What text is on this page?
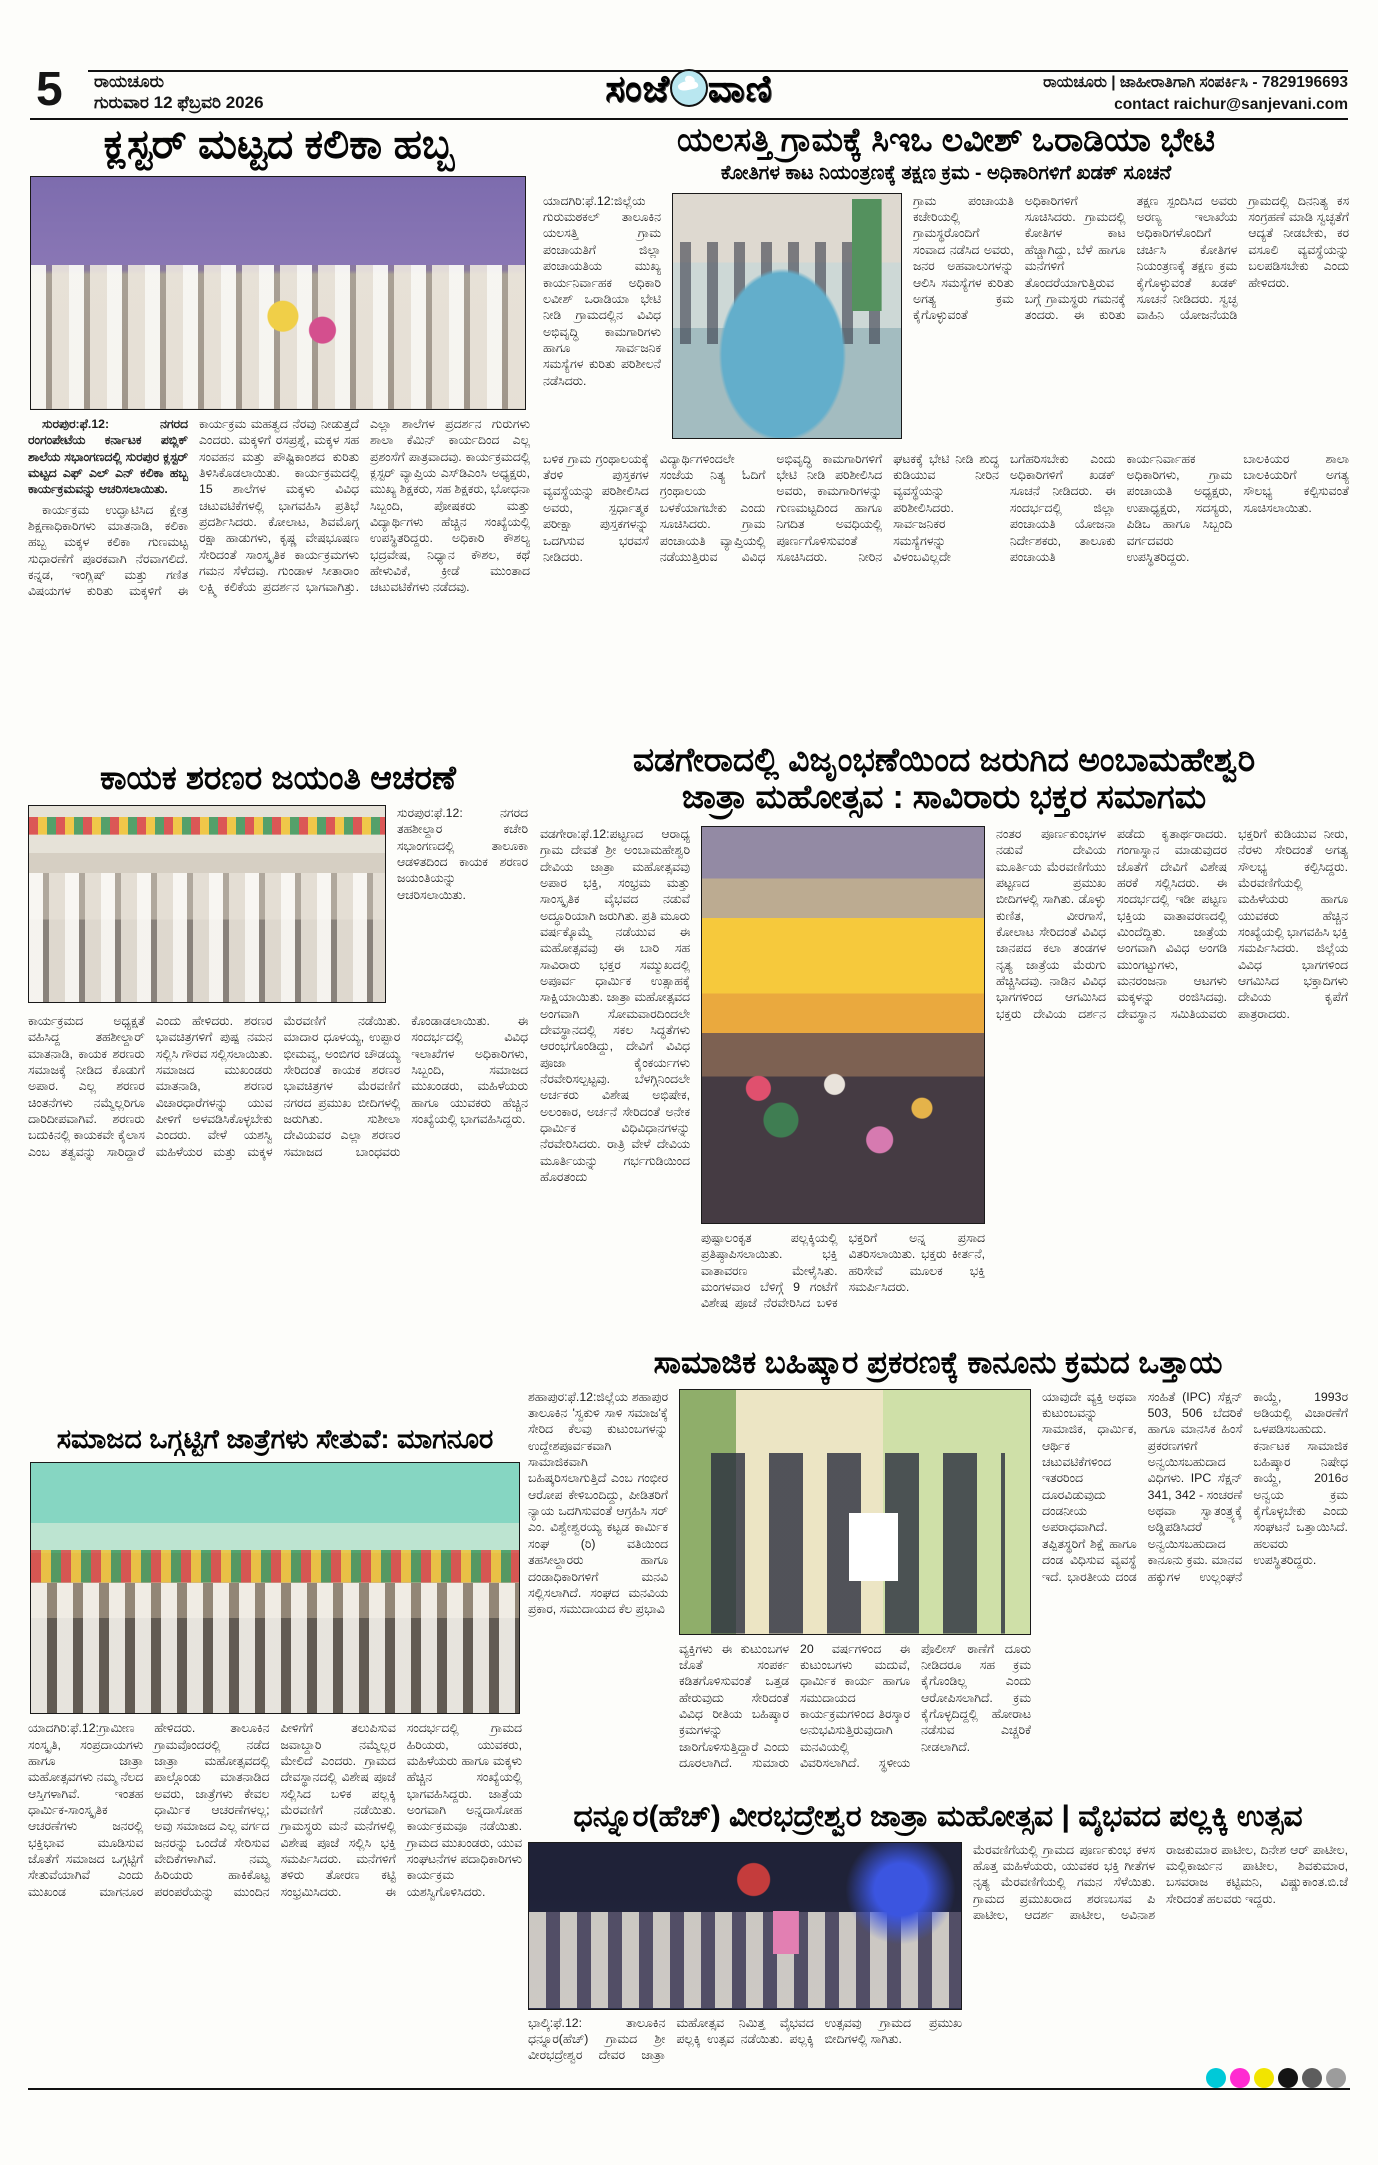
5 ರಾಯಚೂರು
ಗುರುವಾರ 12 ಫೆಬ್ರವರಿ 2026	ಸಂಜೆ ವಾಣಿ	ರಾಯಚೂರು | ಜಾಹೀರಾತಿಗಾಗಿ ಸಂಪರ್ಕಿಸಿ - 7829196693
contact raichur@sanjevani.com
ಕ್ಲಸ್ಟರ್ ಮಟ್ಟದ ಕಲಿಕಾ ಹಬ್ಬ

ಸುರಪುರ:ಫೆ.12: ನಗರದ ರಂಗಂಪೇಟೆಯ ಕರ್ನಾಟಕ ಪಬ್ಲಿಕ್ ಶಾಲೆಯ ಸಭಾಂಗಣದಲ್ಲಿ ಸುರಪುರ ಕ್ಲಸ್ಟರ್ ಮಟ್ಟದ ಎಫ್ ಎಲ್ ಎನ್ ಕಲಿಕಾ ಹಬ್ಬ ಕಾರ್ಯಕ್ರಮವನ್ನು ಆಚರಿಸಲಾಯಿತು.

ಕಾರ್ಯಕ್ರಮ ಉದ್ಘಾಟಿಸಿದ ಕ್ಷೇತ್ರ ಶಿಕ್ಷಣಾಧಿಕಾರಿಗಳು ಮಾತನಾಡಿ, ಕಲಿಕಾ ಹಬ್ಬ ಮಕ್ಕಳ ಕಲಿಕಾ ಗುಣಮಟ್ಟ ಸುಧಾರಣೆಗೆ ಪೂರಕವಾಗಿ ನೆರವಾಗಲಿದೆ. ಕನ್ನಡ, ಇಂಗ್ಲಿಷ್ ಮತ್ತು ಗಣಿತ ವಿಷಯಗಳ ಕುರಿತು ಮಕ್ಕಳಿಗೆ ಈ ಕಾರ್ಯಕ್ರಮ ಮಹತ್ವದ ನೆರವು ನೀಡುತ್ತದೆ ಎಂದರು. ಮಕ್ಕಳಿಗೆ ರಸಪ್ರಶ್ನೆ, ಮಕ್ಕಳ ಸಹ ಸಂವಹನ ಮತ್ತು ಪೌಷ್ಟಿಕಾಂಶದ ಕುರಿತು ತಿಳಿಸಿಕೊಡಲಾಯಿತು. ಕಾರ್ಯಕ್ರಮದಲ್ಲಿ 15 ಶಾಲೆಗಳ ಮಕ್ಕಳು ವಿವಿಧ ಚಟುವಟಿಕೆಗಳಲ್ಲಿ ಭಾಗವಹಿಸಿ ಪ್ರತಿಭೆ ಪ್ರದರ್ಶಿಸಿದರು. ಕೋಲಾಟ, ಶಿವಮೊಗ್ಗ ರಕ್ಷಾ ಹಾಡುಗಳು, ಕೃಷ್ಣ ವೇಷಭೂಷಣ ಸೇರಿದಂತೆ ಸಾಂಸ್ಕೃತಿಕ ಕಾರ್ಯಕ್ರಮಗಳು ಗಮನ ಸೆಳೆದವು. ಗುಂಡಾಳ ಸೀತಾರಾಂ ಲಕ್ಷ್ಮಿ ಕಲಿಕೆಯ ಪ್ರದರ್ಶನ ಭಾಗವಾಗಿತ್ತು. ಎಲ್ಲಾ ಶಾಲೆಗಳ ಪ್ರದರ್ಶನ ಗುರುಗಳು ಶಾಲಾ ಕೆಮಿನ್ ಕಾರ್ಯದಿಂದ ಎಲ್ಲ ಪ್ರಶಂಸೆಗೆ ಪಾತ್ರವಾದವು. ಕಾರ್ಯಕ್ರಮದಲ್ಲಿ ಕ್ಲಸ್ಟರ್ ವ್ಯಾಪ್ತಿಯ ಎಸ್‌ಡಿಎಂಸಿ ಅಧ್ಯಕ್ಷರು, ಮುಖ್ಯ ಶಿಕ್ಷಕರು, ಸಹ ಶಿಕ್ಷಕರು, ಭೋಧನಾ ಸಿಬ್ಬಂದಿ, ಪೋಷಕರು ಮತ್ತು ವಿದ್ಯಾರ್ಥಿಗಳು ಹೆಚ್ಚಿನ ಸಂಖ್ಯೆಯಲ್ಲಿ ಉಪಸ್ಥಿತರಿದ್ದರು. ಅಧಿಕಾರಿ ಕೌಶಲ್ಯ ಭದ್ರವೇಷ, ನಿಧ್ಯಾನ ಕೌಶಲ, ಕಥೆ ಹೇಳುವಿಕೆ, ಕ್ರೀಡೆ ಮುಂತಾದ ಚಟುವಟಿಕೆಗಳು ನಡೆದವು.

ಯಲಸತ್ತಿ ಗ್ರಾಮಕ್ಕೆ ಸಿಇಒ ಲವೀಶ್ ಒರಾಡಿಯಾ ಭೇಟಿ
ಕೋತಿಗಳ ಕಾಟ ನಿಯಂತ್ರಣಕ್ಕೆ ತಕ್ಷಣ ಕ್ರಮ - ಅಧಿಕಾರಿಗಳಿಗೆ ಖಡಕ್ ಸೂಚನೆ
ಯಾದಗಿರಿ:ಫೆ.12:ಜಿಲ್ಲೆಯ ಗುರುಮಠಕಲ್ ತಾಲೂಕಿನ ಯಲಸತ್ತಿ ಗ್ರಾಮ ಪಂಚಾಯತಿಗೆ ಜಿಲ್ಲಾ ಪಂಚಾಯತಿಯ ಮುಖ್ಯ ಕಾರ್ಯನಿರ್ವಾಹಕ ಅಧಿಕಾರಿ ಲವೀಶ್ ಒರಾಡಿಯಾ ಭೇಟಿ ನೀಡಿ ಗ್ರಾಮದಲ್ಲಿನ ವಿವಿಧ ಅಭಿವೃದ್ಧಿ ಕಾಮಗಾರಿಗಳು ಹಾಗೂ ಸಾರ್ವಜನಿಕ ಸಮಸ್ಯೆಗಳ ಕುರಿತು ಪರಿಶೀಲನೆ ನಡೆಸಿದರು.
ಗ್ರಾಮ ಪಂಚಾಯತಿ ಕಚೇರಿಯಲ್ಲಿ ಗ್ರಾಮಸ್ಥರೊಂದಿಗೆ ಸಂವಾದ ನಡೆಸಿದ ಅವರು, ಜನರ ಅಹವಾಲುಗಳನ್ನು ಆಲಿಸಿ ಸಮಸ್ಯೆಗಳ ಕುರಿತು ಅಗತ್ಯ ಕ್ರಮ ಕೈಗೊಳ್ಳುವಂತೆ ಅಧಿಕಾರಿಗಳಿಗೆ ಸೂಚಿಸಿದರು. ಗ್ರಾಮದಲ್ಲಿ ಕೋತಿಗಳ ಕಾಟ ಹೆಚ್ಚಾಗಿದ್ದು, ಬೆಳೆ ಹಾಗೂ ಮನೆಗಳಿಗೆ ತೊಂದರೆಯಾಗುತ್ತಿರುವ ಬಗ್ಗೆ ಗ್ರಾಮಸ್ಥರು ಗಮನಕ್ಕೆ ತಂದರು. ಈ ಕುರಿತು ತಕ್ಷಣ ಸ್ಪಂದಿಸಿದ ಅವರು ಅರಣ್ಯ ಇಲಾಖೆಯ ಅಧಿಕಾರಿಗಳೊಂದಿಗೆ ಚರ್ಚಿಸಿ ಕೋತಿಗಳ ನಿಯಂತ್ರಣಕ್ಕೆ ತಕ್ಷಣ ಕ್ರಮ ಕೈಗೊಳ್ಳುವಂತೆ ಖಡಕ್ ಸೂಚನೆ ನೀಡಿದರು. ಸ್ವಚ್ಛ ವಾಹಿನಿ ಯೋಜನೆಯಡಿ ಗ್ರಾಮದಲ್ಲಿ ದಿನನಿತ್ಯ ಕಸ ಸಂಗ್ರಹಣೆ ಮಾಡಿ ಸ್ವಚ್ಛತೆಗೆ ಆದ್ಯತೆ ನೀಡಬೇಕು, ಕರ ವಸೂಲಿ ವ್ಯವಸ್ಥೆಯನ್ನು ಬಲಪಡಿಸಬೇಕು ಎಂದು ಹೇಳಿದರು.
ಬಳಿಕ ಗ್ರಾಮ ಗ್ರಂಥಾಲಯಕ್ಕೆ ತೆರಳಿ ಪುಸ್ತಕಗಳ ವ್ಯವಸ್ಥೆಯನ್ನು ಪರಿಶೀಲಿಸಿದ ಅವರು, ಸ್ಪರ್ಧಾತ್ಮಕ ಪರೀಕ್ಷಾ ಪುಸ್ತಕಗಳನ್ನು ಒದಗಿಸುವ ಭರವಸೆ ನೀಡಿದರು. ವಿದ್ಯಾರ್ಥಿಗಳಿಂದಲೇ ಸಂಜೆಯ ನಿತ್ಯ ಓದಿಗೆ ಗ್ರಂಥಾಲಯ ಬಳಕೆಯಾಗಬೇಕು ಎಂದು ಸೂಚಿಸಿದರು. ಗ್ರಾಮ ಪಂಚಾಯತಿ ವ್ಯಾಪ್ತಿಯಲ್ಲಿ ನಡೆಯುತ್ತಿರುವ ವಿವಿಧ ಅಭಿವೃದ್ಧಿ ಕಾಮಗಾರಿಗಳಿಗೆ ಭೇಟಿ ನೀಡಿ ಪರಿಶೀಲಿಸಿದ ಅವರು, ಕಾಮಗಾರಿಗಳನ್ನು ಗುಣಮಟ್ಟದಿಂದ ಹಾಗೂ ನಿಗದಿತ ಅವಧಿಯಲ್ಲಿ ಪೂರ್ಣಗೊಳಿಸುವಂತೆ ಸೂಚಿಸಿದರು. ನೀರಿನ ಘಟಕಕ್ಕೆ ಭೇಟಿ ನೀಡಿ ಶುದ್ಧ ಕುಡಿಯುವ ನೀರಿನ ವ್ಯವಸ್ಥೆಯನ್ನು ಪರಿಶೀಲಿಸಿದರು. ಸಾರ್ವಜನಿಕರ ಸಮಸ್ಯೆಗಳನ್ನು ವಿಳಂಬವಿಲ್ಲದೇ ಬಗೆಹರಿಸಬೇಕು ಎಂದು ಅಧಿಕಾರಿಗಳಿಗೆ ಖಡಕ್ ಸೂಚನೆ ನೀಡಿದರು. ಈ ಸಂದರ್ಭದಲ್ಲಿ ಜಿಲ್ಲಾ ಪಂಚಾಯತಿ ಯೋಜನಾ ನಿರ್ದೇಶಕರು, ತಾಲೂಕು ಪಂಚಾಯತಿ ಕಾರ್ಯನಿರ್ವಾಹಕ ಅಧಿಕಾರಿಗಳು, ಗ್ರಾಮ ಪಂಚಾಯತಿ ಅಧ್ಯಕ್ಷರು, ಉಪಾಧ್ಯಕ್ಷರು, ಸದಸ್ಯರು, ಪಿಡಿಒ ಹಾಗೂ ಸಿಬ್ಬಂದಿ ವರ್ಗದವರು ಉಪಸ್ಥಿತರಿದ್ದರು. ಬಾಲಕಿಯರ ಶಾಲಾ ಬಾಲಕಿಯರಿಗೆ ಅಗತ್ಯ ಸೌಲಭ್ಯ ಕಲ್ಪಿಸುವಂತೆ ಸೂಚಿಸಲಾಯಿತು.
ಕಾಯಕ ಶರಣರ ಜಯಂತಿ ಆಚರಣೆ
ಸುರಪುರ:ಫೆ.12: ನಗರದ ತಹಶೀಲ್ದಾರ ಕಚೇರಿ ಸಭಾಂಗಣದಲ್ಲಿ ತಾಲೂಕಾ ಆಡಳಿತದಿಂದ ಕಾಯಕ ಶರಣರ ಜಯಂತಿಯನ್ನು ಆಚರಿಸಲಾಯಿತು.
ಕಾರ್ಯಕ್ರಮದ ಅಧ್ಯಕ್ಷತೆ ವಹಿಸಿದ್ದ ತಹಶೀಲ್ದಾರ್ ಮಾತನಾಡಿ, ಕಾಯಕ ಶರಣರು ಸಮಾಜಕ್ಕೆ ನೀಡಿದ ಕೊಡುಗೆ ಅಪಾರ. ಎಲ್ಲ ಶರಣರ ಚಿಂತನೆಗಳು ನಮ್ಮೆಲ್ಲರಿಗೂ ದಾರಿದೀಪವಾಗಿವೆ. ಶರಣರು ಬದುಕಿನಲ್ಲಿ ಕಾಯಕವೇ ಕೈಲಾಸ ಎಂಬ ತತ್ವವನ್ನು ಸಾರಿದ್ದಾರೆ ಎಂದು ಹೇಳಿದರು. ಶರಣರ ಭಾವಚಿತ್ರಗಳಿಗೆ ಪುಷ್ಪ ನಮನ ಸಲ್ಲಿಸಿ ಗೌರವ ಸಲ್ಲಿಸಲಾಯಿತು. ಸಮಾಜದ ಮುಖಂಡರು ಮಾತನಾಡಿ, ಶರಣರ ವಿಚಾರಧಾರೆಗಳನ್ನು ಯುವ ಪೀಳಿಗೆ ಅಳವಡಿಸಿಕೊಳ್ಳಬೇಕು ಎಂದರು. ವೇಳೆ ಯಶಸ್ವಿ ಮಹಿಳೆಯರ ಮತ್ತು ಮಕ್ಕಳ ಮೆರವಣಿಗೆ ನಡೆಯಿತು. ಮಾದಾರ ಧೂಳಯ್ಯ, ಉಪ್ಪಾರ ಭೀಮವ್ವ, ಅಂಬಿಗರ ಚೌಡಯ್ಯ ಸೇರಿದಂತೆ ಕಾಯಕ ಶರಣರ ಭಾವಚಿತ್ರಗಳ ಮೆರವಣಿಗೆ ನಗರದ ಪ್ರಮುಖ ಬೀದಿಗಳಲ್ಲಿ ಜರುಗಿತು. ಸುಶೀಲಾ ದೇವಿಯವರ ಎಲ್ಲಾ ಶರಣರ ಸಮಾಜದ ಬಾಂಧವರು ಕೊಂಡಾಡಲಾಯಿತು. ಈ ಸಂದರ್ಭದಲ್ಲಿ ವಿವಿಧ ಇಲಾಖೆಗಳ ಅಧಿಕಾರಿಗಳು, ಸಿಬ್ಬಂದಿ, ಸಮಾಜದ ಮುಖಂಡರು, ಮಹಿಳೆಯರು ಹಾಗೂ ಯುವಕರು ಹೆಚ್ಚಿನ ಸಂಖ್ಯೆಯಲ್ಲಿ ಭಾಗವಹಿಸಿದ್ದರು.
ವಡಗೇರಾದಲ್ಲಿ ವಿಜೃಂಭಣೆಯಿಂದ ಜರುಗಿದ ಅಂಬಾಮಹೇಶ್ವರಿ
ಜಾತ್ರಾ ಮಹೋತ್ಸವ : ಸಾವಿರಾರು ಭಕ್ತರ ಸಮಾಗಮ
ವಡಗೇರಾ:ಫೆ.12:ಪಟ್ಟಣದ ಆರಾಧ್ಯ ಗ್ರಾಮ ದೇವತೆ ಶ್ರೀ ಅಂಬಾಮಹೇಶ್ವರಿ ದೇವಿಯ ಜಾತ್ರಾ ಮಹೋತ್ಸವವು ಅಪಾರ ಭಕ್ತಿ, ಸಂಭ್ರಮ ಮತ್ತು ಸಾಂಸ್ಕೃತಿಕ ವೈಭವದ ನಡುವೆ ಅದ್ಧೂರಿಯಾಗಿ ಜರುಗಿತು. ಪ್ರತಿ ಮೂರು ವರ್ಷಕ್ಕೊಮ್ಮೆ ನಡೆಯುವ ಈ ಮಹೋತ್ಸವವು ಈ ಬಾರಿ ಸಹ ಸಾವಿರಾರು ಭಕ್ತರ ಸಮ್ಮುಖದಲ್ಲಿ ಅಪೂರ್ವ ಧಾರ್ಮಿಕ ಉತ್ಸಾಹಕ್ಕೆ ಸಾಕ್ಷಿಯಾಯಿತು. ಜಾತ್ರಾ ಮಹೋತ್ಸವದ ಅಂಗವಾಗಿ ಸೋಮವಾರದಿಂದಲೇ ದೇವಸ್ಥಾನದಲ್ಲಿ ಸಕಲ ಸಿದ್ಧತೆಗಳು ಆರಂಭಗೊಂಡಿದ್ದು, ದೇವಿಗೆ ವಿವಿಧ ಪೂಜಾ ಕೈಂಕರ್ಯಗಳು ನೆರವೇರಿಸಲ್ಪಟ್ಟವು. ಬೆಳಗ್ಗಿನಿಂದಲೇ ಅರ್ಚಕರು ವಿಶೇಷ ಅಭಿಷೇಕ, ಅಲಂಕಾರ, ಅರ್ಚನೆ ಸೇರಿದಂತೆ ಅನೇಕ ಧಾರ್ಮಿಕ ವಿಧಿವಿಧಾನಗಳನ್ನು ನೆರವೇರಿಸಿದರು. ರಾತ್ರಿ ವೇಳೆ ದೇವಿಯ ಮೂರ್ತಿಯನ್ನು ಗರ್ಭಗುಡಿಯಿಂದ ಹೊರತಂದು
ಪುಷ್ಪಾಲಂಕೃತ ಪಲ್ಲಕ್ಕಿಯಲ್ಲಿ ಪ್ರತಿಷ್ಠಾಪಿಸಲಾಯಿತು. ಭಕ್ತಿ ವಾತಾವರಣ ಮೇಳೈಸಿತು. ಮಂಗಳವಾರ ಬೆಳಿಗ್ಗೆ 9 ಗಂಟೆಗೆ ವಿಶೇಷ ಪೂಜೆ ನೆರವೇರಿಸಿದ ಬಳಿಕ ಭಕ್ತರಿಗೆ ಅನ್ನ ಪ್ರಸಾದ ವಿತರಿಸಲಾಯಿತು. ಭಕ್ತರು ಕೀರ್ತನೆ, ಹರಿಸೇವೆ ಮೂಲಕ ಭಕ್ತಿ ಸಮರ್ಪಿಸಿದರು.
ನಂತರ ಪೂರ್ಣಕುಂಭಗಳ ನಡುವೆ ದೇವಿಯ ಮೂರ್ತಿಯ ಮೆರವಣಿಗೆಯು ಪಟ್ಟಣದ ಪ್ರಮುಖ ಬೀದಿಗಳಲ್ಲಿ ಸಾಗಿತು. ಡೊಳ್ಳು ಕುಣಿತ, ವೀರಗಾಸೆ, ಕೋಲಾಟ ಸೇರಿದಂತೆ ವಿವಿಧ ಜಾನಪದ ಕಲಾ ತಂಡಗಳ ನೃತ್ಯ ಜಾತ್ರೆಯ ಮೆರುಗು ಹೆಚ್ಚಿಸಿದವು. ನಾಡಿನ ವಿವಿಧ ಭಾಗಗಳಿಂದ ಆಗಮಿಸಿದ ಭಕ್ತರು ದೇವಿಯ ದರ್ಶನ ಪಡೆದು ಕೃತಾರ್ಥರಾದರು. ಗಂಗಾಸ್ನಾನ ಮಾಡುವುದರ ಜೊತೆಗೆ ದೇವಿಗೆ ವಿಶೇಷ ಹರಕೆ ಸಲ್ಲಿಸಿದರು. ಈ ಸಂದರ್ಭದಲ್ಲಿ ಇಡೀ ಪಟ್ಟಣ ಭಕ್ತಿಯ ವಾತಾವರಣದಲ್ಲಿ ಮಿಂದೆದ್ದಿತು. ಜಾತ್ರೆಯ ಅಂಗವಾಗಿ ವಿವಿಧ ಅಂಗಡಿ ಮುಂಗಟ್ಟುಗಳು, ಮನರಂಜನಾ ಆಟಗಳು ಮಕ್ಕಳನ್ನು ರಂಜಿಸಿದವು. ದೇವಸ್ಥಾನ ಸಮಿತಿಯವರು ಭಕ್ತರಿಗೆ ಕುಡಿಯುವ ನೀರು, ನೆರಳು ಸೇರಿದಂತೆ ಅಗತ್ಯ ಸೌಲಭ್ಯ ಕಲ್ಪಿಸಿದ್ದರು. ಮೆರವಣಿಗೆಯಲ್ಲಿ ಮಹಿಳೆಯರು ಹಾಗೂ ಯುವಕರು ಹೆಚ್ಚಿನ ಸಂಖ್ಯೆಯಲ್ಲಿ ಭಾಗವಹಿಸಿ ಭಕ್ತಿ ಸಮರ್ಪಿಸಿದರು. ಜಿಲ್ಲೆಯ ವಿವಿಧ ಭಾಗಗಳಿಂದ ಆಗಮಿಸಿದ ಭಕ್ತಾದಿಗಳು ದೇವಿಯ ಕೃಪೆಗೆ ಪಾತ್ರರಾದರು.
ಸಾಮಾಜಿಕ ಬಹಿಷ್ಕಾರ ಪ್ರಕರಣಕ್ಕೆ ಕಾನೂನು ಕ್ರಮದ ಒತ್ತಾಯ
ಶಹಾಪುರ:ಫೆ.12:ಜಿಲ್ಲೆಯ ಶಹಾಪುರ ತಾಲೂಕಿನ 'ಸ್ವಕುಳಿ ಸಾಳಿ ಸಮಾಜ'ಕ್ಕೆ ಸೇರಿದ ಕೆಲವು ಕುಟುಂಬಗಳನ್ನು ಉದ್ದೇಶಪೂರ್ವಕವಾಗಿ ಸಾಮಾಜಿಕವಾಗಿ ಬಹಿಷ್ಕರಿಸಲಾಗುತ್ತಿದೆ ಎಂಬ ಗಂಭೀರ ಆರೋಪ ಕೇಳಿಬಂದಿದ್ದು, ಪೀಡಿತರಿಗೆ ನ್ಯಾಯ ಒದಗಿಸುವಂತೆ ಆಗ್ರಹಿಸಿ ಸರ್ ಎಂ. ವಿಶ್ವೇಶ್ವರಯ್ಯ ಕಟ್ಟಡ ಕಾರ್ಮಿಕ ಸಂಘ (ರಿ) ವತಿಯಿಂದ ತಹಸೀಲ್ದಾರರು ಹಾಗೂ ದಂಡಾಧಿಕಾರಿಗಳಿಗೆ ಮನವಿ ಸಲ್ಲಿಸಲಾಗಿದೆ. ಸಂಘದ ಮನವಿಯ ಪ್ರಕಾರ, ಸಮುದಾಯದ ಕೆಲ ಪ್ರಭಾವಿ
ವ್ಯಕ್ತಿಗಳು ಈ ಕುಟುಂಬಗಳ ಜೊತೆ ಸಂಪರ್ಕ ಕಡಿತಗೊಳಿಸುವಂತೆ ಒತ್ತಡ ಹೇರುವುದು ಸೇರಿದಂತೆ ವಿವಿಧ ರೀತಿಯ ಬಹಿಷ್ಕಾರ ಕ್ರಮಗಳನ್ನು ಜಾರಿಗೊಳಿಸುತ್ತಿದ್ದಾರೆ ಎಂದು ದೂರಲಾಗಿದೆ. ಸುಮಾರು 20 ವರ್ಷಗಳಿಂದ ಈ ಕುಟುಂಬಗಳು ಮದುವೆ, ಧಾರ್ಮಿಕ ಕಾರ್ಯ ಹಾಗೂ ಸಮುದಾಯದ ಕಾರ್ಯಕ್ರಮಗಳಿಂದ ತಿರಸ್ಕಾರ ಅನುಭವಿಸುತ್ತಿರುವುದಾಗಿ ಮನವಿಯಲ್ಲಿ ವಿವರಿಸಲಾಗಿದೆ. ಸ್ಥಳೀಯ ಪೊಲೀಸ್ ಠಾಣೆಗೆ ದೂರು ನೀಡಿದರೂ ಸಹ ಕ್ರಮ ಕೈಗೊಂಡಿಲ್ಲ ಎಂದು ಆರೋಪಿಸಲಾಗಿದೆ. ಕ್ರಮ ಕೈಗೊಳ್ಳದಿದ್ದಲ್ಲಿ ಹೋರಾಟ ನಡೆಸುವ ಎಚ್ಚರಿಕೆ ನೀಡಲಾಗಿದೆ.
ಯಾವುದೇ ವ್ಯಕ್ತಿ ಅಥವಾ ಕುಟುಂಬವನ್ನು ಸಾಮಾಜಿಕ, ಧಾರ್ಮಿಕ, ಆರ್ಥಿಕ ಚಟುವಟಿಕೆಗಳಿಂದ ಇತರರಿಂದ ದೂರವಿಡುವುದು ದಂಡನೀಯ ಅಪರಾಧವಾಗಿದೆ. ತಪ್ಪಿತಸ್ಥರಿಗೆ ಶಿಕ್ಷೆ ಹಾಗೂ ದಂಡ ವಿಧಿಸುವ ವ್ಯವಸ್ಥೆ ಇದೆ. ಭಾರತೀಯ ದಂಡ ಸಂಹಿತೆ (IPC) ಸೆಕ್ಷನ್ 503, 506 ಬೆದರಿಕೆ ಹಾಗೂ ಮಾನಸಿಕ ಹಿಂಸೆ ಪ್ರಕರಣಗಳಿಗೆ ಅನ್ವಯಿಸಬಹುದಾದ ವಿಧಿಗಳು. IPC ಸೆಕ್ಷನ್ 341, 342 - ಸಂಚರಣೆ ಅಥವಾ ಸ್ವಾತಂತ್ರ್ಯಕ್ಕೆ ಅಡ್ಡಿಪಡಿಸಿದರೆ ಅನ್ವಯಿಸಬಹುದಾದ ಕಾನೂನು ಕ್ರಮ. ಮಾನವ ಹಕ್ಕುಗಳ ಉಲ್ಲಂಘನೆ ಕಾಯ್ದೆ, 1993ರ ಅಡಿಯಲ್ಲಿ ವಿಚಾರಣೆಗೆ ಒಳಪಡಿಸಬಹುದು. ಕರ್ನಾಟಕ ಸಾಮಾಜಿಕ ಬಹಿಷ್ಕಾರ ನಿಷೇಧ ಕಾಯ್ದೆ, 2016ರ ಅನ್ವಯ ಕ್ರಮ ಕೈಗೊಳ್ಳಬೇಕು ಎಂದು ಸಂಘಟನೆ ಒತ್ತಾಯಿಸಿದೆ. ಹಲವರು ಉಪಸ್ಥಿತರಿದ್ದರು.
ಸಮಾಜದ ಒಗ್ಗಟ್ಟಿಗೆ ಜಾತ್ರೆಗಳು ಸೇತುವೆ: ಮಾಗನೂರ
ಯಾದಗಿರಿ:ಫೆ.12:ಗ್ರಾಮೀಣ ಸಂಸ್ಕೃತಿ, ಸಂಪ್ರದಾಯಗಳು ಹಾಗೂ ಜಾತ್ರಾ ಮಹೋತ್ಸವಗಳು ನಮ್ಮ ನೆಲದ ಆಸ್ತಿಗಳಾಗಿವೆ. ಇಂತಹ ಧಾರ್ಮಿಕ-ಸಾಂಸ್ಕೃತಿಕ ಆಚರಣೆಗಳು ಜನರಲ್ಲಿ ಭಕ್ತಿಭಾವ ಮೂಡಿಸುವ ಜೊತೆಗೆ ಸಮಾಜದ ಒಗ್ಗಟ್ಟಿಗೆ ಸೇತುವೆಯಾಗಿವೆ ಎಂದು ಮುಖಂಡ ಮಾಗನೂರ ಹೇಳಿದರು. ತಾಲೂಕಿನ ಗ್ರಾಮವೊಂದರಲ್ಲಿ ನಡೆದ ಜಾತ್ರಾ ಮಹೋತ್ಸವದಲ್ಲಿ ಪಾಲ್ಗೊಂಡು ಮಾತನಾಡಿದ ಅವರು, ಜಾತ್ರೆಗಳು ಕೇವಲ ಧಾರ್ಮಿಕ ಆಚರಣೆಗಳಲ್ಲ; ಅವು ಸಮಾಜದ ಎಲ್ಲ ವರ್ಗದ ಜನರನ್ನು ಒಂದೆಡೆ ಸೇರಿಸುವ ವೇದಿಕೆಗಳಾಗಿವೆ. ನಮ್ಮ ಹಿರಿಯರು ಹಾಕಿಕೊಟ್ಟ ಪರಂಪರೆಯನ್ನು ಮುಂದಿನ ಪೀಳಿಗೆಗೆ ತಲುಪಿಸುವ ಜವಾಬ್ದಾರಿ ನಮ್ಮೆಲ್ಲರ ಮೇಲಿದೆ ಎಂದರು. ಗ್ರಾಮದ ದೇವಸ್ಥಾನದಲ್ಲಿ ವಿಶೇಷ ಪೂಜೆ ಸಲ್ಲಿಸಿದ ಬಳಿಕ ಪಲ್ಲಕ್ಕಿ ಮೆರವಣಿಗೆ ನಡೆಯಿತು. ಗ್ರಾಮಸ್ಥರು ಮನೆ ಮನೆಗಳಲ್ಲಿ ವಿಶೇಷ ಪೂಜೆ ಸಲ್ಲಿಸಿ ಭಕ್ತಿ ಸಮರ್ಪಿಸಿದರು. ಮನೆಗಳಿಗೆ ತಳಿರು ತೋರಣ ಕಟ್ಟಿ ಸಂಭ್ರಮಿಸಿದರು. ಈ ಸಂದರ್ಭದಲ್ಲಿ ಗ್ರಾಮದ ಹಿರಿಯರು, ಯುವಕರು, ಮಹಿಳೆಯರು ಹಾಗೂ ಮಕ್ಕಳು ಹೆಚ್ಚಿನ ಸಂಖ್ಯೆಯಲ್ಲಿ ಭಾಗವಹಿಸಿದ್ದರು. ಜಾತ್ರೆಯ ಅಂಗವಾಗಿ ಅನ್ನದಾಸೋಹ ಕಾರ್ಯಕ್ರಮವೂ ನಡೆಯಿತು. ಗ್ರಾಮದ ಮುಖಂಡರು, ಯುವ ಸಂಘಟನೆಗಳ ಪದಾಧಿಕಾರಿಗಳು ಕಾರ್ಯಕ್ರಮ ಯಶಸ್ವಿಗೊಳಿಸಿದರು.
ಧನ್ನೂರ(ಹೆಚ್) ವೀರಭದ್ರೇಶ್ವರ ಜಾತ್ರಾ ಮಹೋತ್ಸವ | ವೈಭವದ ಪಲ್ಲಕ್ಕಿ ಉತ್ಸವ
ಭಾಲ್ಕಿ:ಫೆ.12: ತಾಲೂಕಿನ ಧನ್ನೂರ(ಹೆಚ್) ಗ್ರಾಮದ ಶ್ರೀ ವೀರಭದ್ರೇಶ್ವರ ದೇವರ ಜಾತ್ರಾ ಮಹೋತ್ಸವ ನಿಮಿತ್ತ ವೈಭವದ ಪಲ್ಲಕ್ಕಿ ಉತ್ಸವ ನಡೆಯಿತು. ಪಲ್ಲಕ್ಕಿ ಉತ್ಸವವು ಗ್ರಾಮದ ಪ್ರಮುಖ ಬೀದಿಗಳಲ್ಲಿ ಸಾಗಿತು.
ಮೆರವಣಿಗೆಯಲ್ಲಿ ಗ್ರಾಮದ ಪೂರ್ಣಕುಂಭ ಕಳಸ ಹೊತ್ತ ಮಹಿಳೆಯರು, ಯುವಕರ ಭಕ್ತಿ ಗೀತೆಗಳ ನೃತ್ಯ ಮೆರವಣಿಗೆಯಲ್ಲಿ ಗಮನ ಸೆಳೆಯಿತು. ಗ್ರಾಮದ ಪ್ರಮುಖರಾದ ಶರಣಬಸವ ಪಿ ಪಾಟೀಲ, ಆದರ್ಶ ಪಾಟೀಲ, ಅವಿನಾಶ ರಾಜಕುಮಾರ ಪಾಟೀಲ, ದಿನೇಶ ಆರ್ ಪಾಟೀಲ, ಮಲ್ಲಿಕಾರ್ಜುನ ಪಾಟೀಲ, ಶಿವಕುಮಾರ, ಬಸವರಾಜ ಕಟ್ಟಿಮನಿ, ವಿಷ್ಣುಕಾಂತ.ಬಿ.ಜೆ ಸೇರಿದಂತೆ ಹಲವರು ಇದ್ದರು.
